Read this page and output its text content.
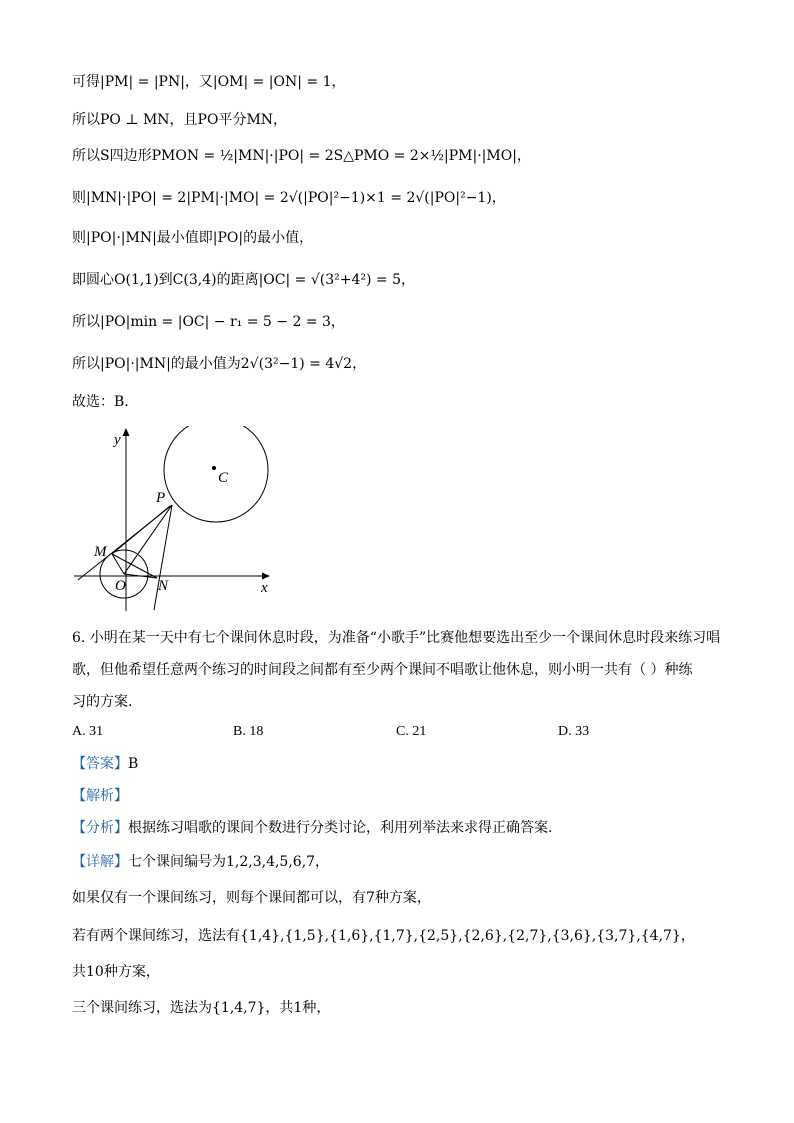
可得|PM| = |PN|，又|OM| = |ON| = 1，
所以PO ⊥ MN，且PO平分MN，
所以S四边形PMON = ½|MN|·|PO| = 2S△PMO = 2×½|PM|·|MO|，
则|MN|·|PO| = 2|PM|·|MO| = 2√(|PO|²−1)×1 = 2√(|PO|²−1)，
则|PO|·|MN|最小值即|PO|的最小值，
即圆心O(1,1)到C(3,4)的距离|OC| = √(3²+4²) = 5，
所以|PO|min = |OC| − r₁ = 5 − 2 = 3，
所以|PO|·|MN|的最小值为2√(3²−1) = 4√2，
故选：B.
y
x
C
P
M
O N
6. 小明在某一天中有七个课间休息时段，为准备“小歌手”比赛他想要选出至少一个课间休息时段来练习唱
歌，但他希望任意两个练习的时间段之间都有至少两个课间不唱歌让他休息，则小明一共有（ ）种练
习的方案.
A. 31	B. 18	C. 21	D. 33
【答案】B
【解析】
【分析】根据练习唱歌的课间个数进行分类讨论，利用列举法来求得正确答案.
【详解】七个课间编号为1,2,3,4,5,6,7，
如果仅有一个课间练习，则每个课间都可以，有7种方案，
若有两个课间练习，选法有{1,4},{1,5},{1,6},{1,7},{2,5},{2,6},{2,7},{3,6},{3,7},{4,7}，
共10种方案，
三个课间练习，选法为{1,4,7}，共1种，
